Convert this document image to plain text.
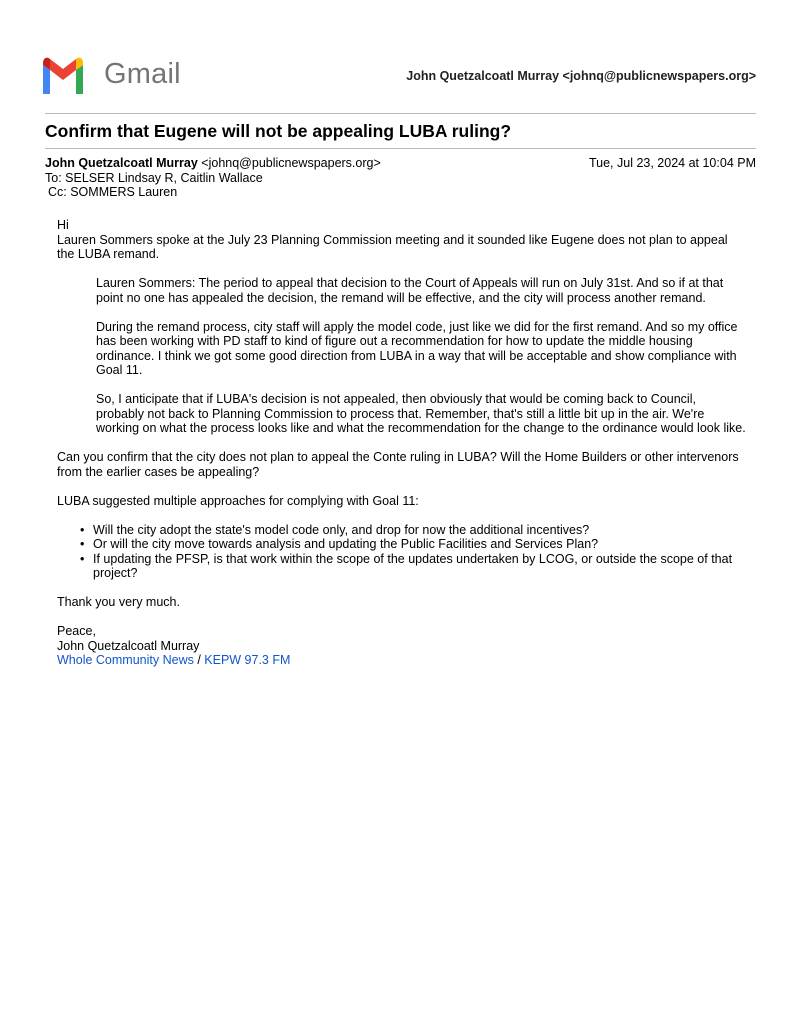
Gmail	John Quetzalcoatl Murray <johnq@publicnewspapers.org>
Confirm that Eugene will not be appealing LUBA ruling?
John Quetzalcoatl Murray <johnq@publicnewspapers.org>	Tue, Jul 23, 2024 at 10:04 PM
To: SELSER Lindsay R, Caitlin Wallace
Cc: SOMMERS Lauren

Hi

Lauren Sommers spoke at the July 23 Planning Commission meeting and it sounded like Eugene does not plan to appeal the LUBA remand.

Lauren Sommers: The period to appeal that decision to the Court of Appeals will run on July 31st. And so if at that point no one has appealed the decision, the remand will be effective, and the city will process another remand.

During the remand process, city staff will apply the model code, just like we did for the first remand. And so my office has been working with PD staff to kind of figure out a recommendation for how to update the middle housing ordinance. I think we got some good direction from LUBA in a way that will be acceptable and show compliance with Goal 11.

So, I anticipate that if LUBA's decision is not appealed, then obviously that would be coming back to Council, probably not back to Planning Commission to process that. Remember, that's still a little bit up in the air. We're working on what the process looks like and what the recommendation for the change to the ordinance would look like.

Can you confirm that the city does not plan to appeal the Conte ruling in LUBA? Will the Home Builders or other intervenors from the earlier cases be appealing?

LUBA suggested multiple approaches for complying with Goal 11:

• Will the city adopt the state's model code only, and drop for now the additional incentives?
• Or will the city move towards analysis and updating the Public Facilities and Services Plan?
• If updating the PFSP, is that work within the scope of the updates undertaken by LCOG, or outside the scope of that project?

Thank you very much.

Peace,

John Quetzalcoatl Murray

Whole Community News / KEPW 97.3 FM
